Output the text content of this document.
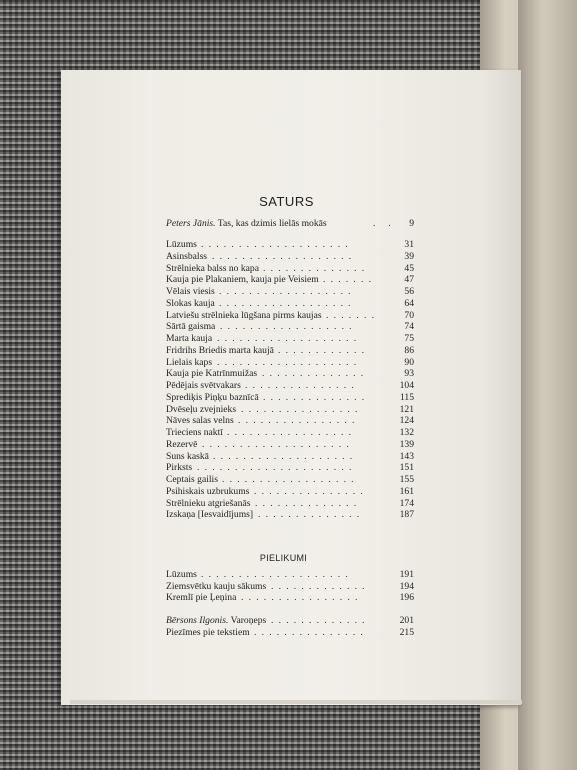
SATURS
Peters Jānis. Tas, kas dzimis lielās mokās	. . 9
Lūzums ....................	31
Asinsbalss ...................	39
Strēlnieka balss no kapa ..............	45
Kauja pie Plakaniem, kauja pie Veisiem .......	47
Vēlais viesis ..................	56
Slokas kauja ..................	64
Latviešu strēlnieka lūgšana pirms kaujas .......	70
Sārtā gaisma ..................	74
Marta kauja ...................	75
Fridrihs Briedis marta kaujā ............	86
Lielais kaps ...................	90
Kauja pie Katrīnmuižas ..............	93
Pēdējais svētvakars ...............	104
Sprediķis Piņķu baznīcā ..............	115
Dvēseļu zvejnieks ................	121
Nāves salas velns ................	124
Trieciens naktī .................	132
Rezervē ....................	139
Suns kaskā ...................	143
Pirksts .....................	151
Ceptais gailis ..................	155
Psihiskais uzbrukums ...............	161
Strēlnieku atgriešanās ..............	174
Izskaņa [Iesvaidījums] ..............	187
PIELIKUMI
Lūzums ....................	191
Ziemsvētku kauju sākums .............	194
Kremlī pie Ļeņina ................	196
Bērsons Ilgonis. Varoņeps .............	201
Piezīmes pie tekstiem ...............	215
